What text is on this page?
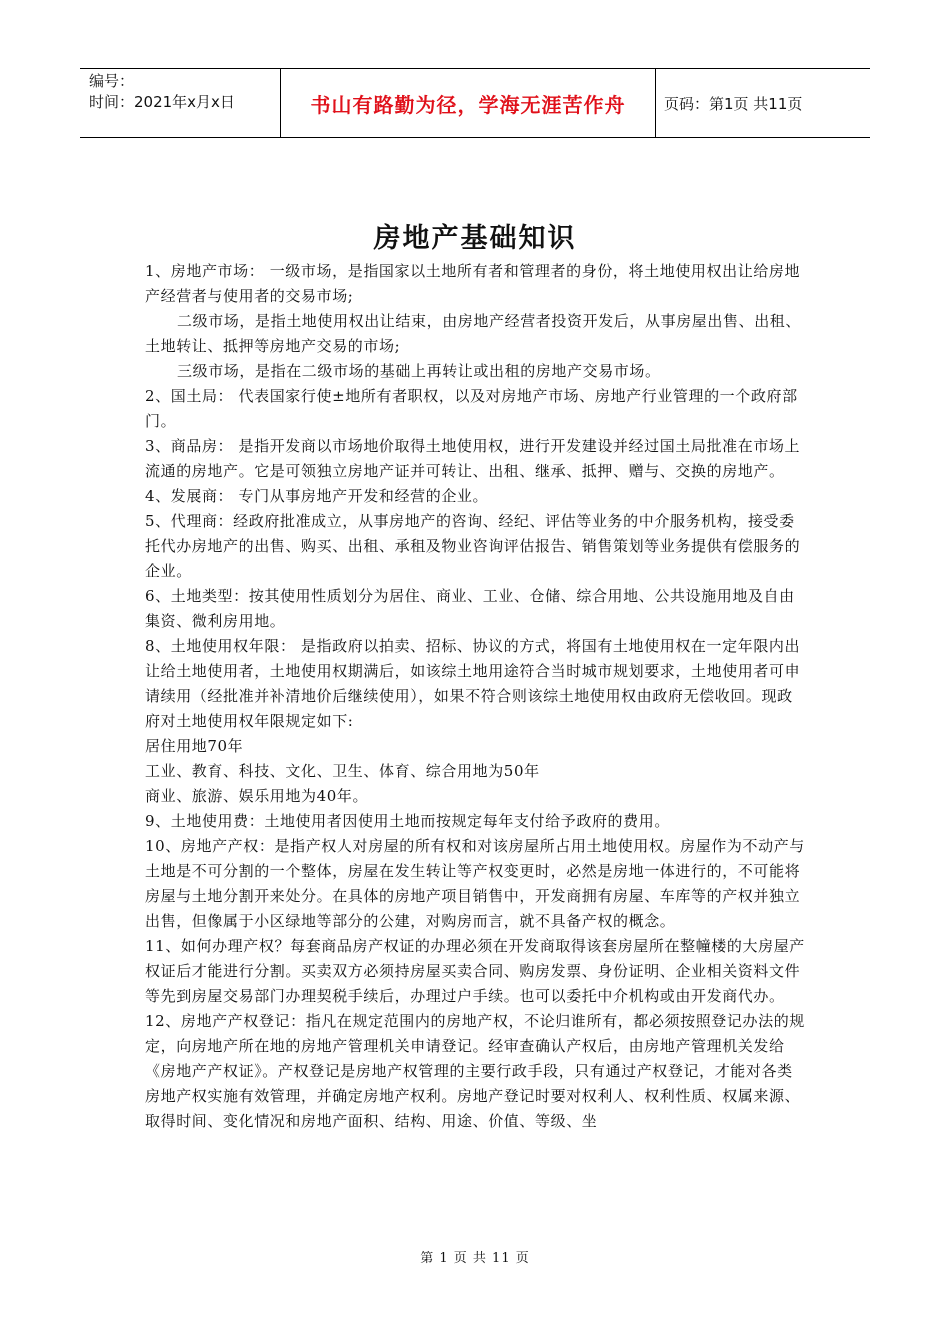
编号：
时间：2021年x月x日	书山有路勤为径，学海无涯苦作舟	页码：第1页 共11页
房地产基础知识

1、房地产市场： 一级市场，是指国家以土地所有者和管理者的身份，将土地使用权出让给房地产经营者与使用者的交易市场;

二级市场，是指土地使用权出让结束，由房地产经营者投资开发后，从事房屋出售、出租、土地转让、抵押等房地产交易的市场;

三级市场，是指在二级市场的基础上再转让或出租的房地产交易市场。

2、国土局： 代表国家行使±地所有者职权，以及对房地产市场、房地产行业管理的一个政府部门。

3、商品房： 是指开发商以市场地价取得土地使用权，进行开发建设并经过国土局批准在市场上流通的房地产。它是可领独立房地产证并可转让、出租、继承、抵押、赠与、交换的房地产。

4、发展商： 专门从事房地产开发和经营的企业。

5、代理商：经政府批准成立，从事房地产的咨询、经纪、评估等业务的中介服务机构，接受委托代办房地产的出售、购买、出租、承租及物业咨询评估报告、销售策划等业务提供有偿服务的企业。

6、土地类型：按其使用性质划分为居住、商业、工业、仓储、综合用地、公共设施用地及自由集资、微利房用地。

8、土地使用权年限： 是指政府以拍卖、招标、协议的方式，将国有土地使用权在一定年限内出让给土地使用者，土地使用权期满后，如该综土地用途符合当时城市规划要求，土地使用者可申请续用（经批准并补清地价后继续使用），如果不符合则该综土地使用权由政府无偿收回。现政府对土地使用权年限规定如下:

居住用地70年

工业、教育、科技、文化、卫生、体育、综合用地为50年

商业、旅游、娱乐用地为40年。

9、土地使用费：土地使用者因使用土地而按规定每年支付给予政府的费用。

10、房地产产权：是指产权人对房屋的所有权和对该房屋所占用土地使用权。房屋作为不动产与土地是不可分割的一个整体，房屋在发生转让等产权变更时，必然是房地一体进行的，不可能将房屋与土地分割开来处分。在具体的房地产项目销售中，开发商拥有房屋、车库等的产权并独立出售，但像属于小区绿地等部分的公建，对购房而言，就不具备产权的概念。

11、如何办理产权？每套商品房产权证的办理必须在开发商取得该套房屋所在整幢楼的大房屋产权证后才能进行分割。买卖双方必须持房屋买卖合同、购房发票、身份证明、企业相关资料文件等先到房屋交易部门办理契税手续后，办理过户手续。也可以委托中介机构或由开发商代办。

12、房地产产权登记：指凡在规定范围内的房地产权，不论归谁所有，都必须按照登记办法的规定，向房地产所在地的房地产管理机关申请登记。经审查确认产权后，由房地产管理机关发给《房地产产权证》。产权登记是房地产权管理的主要行政手段，只有通过产权登记，才能对各类房地产权实施有效管理，并确定房地产权利。房地产登记时要对权利人、权利性质、权属来源、取得时间、变化情况和房地产面积、结构、用途、价值、等级、坐

第 1 页 共 11 页
